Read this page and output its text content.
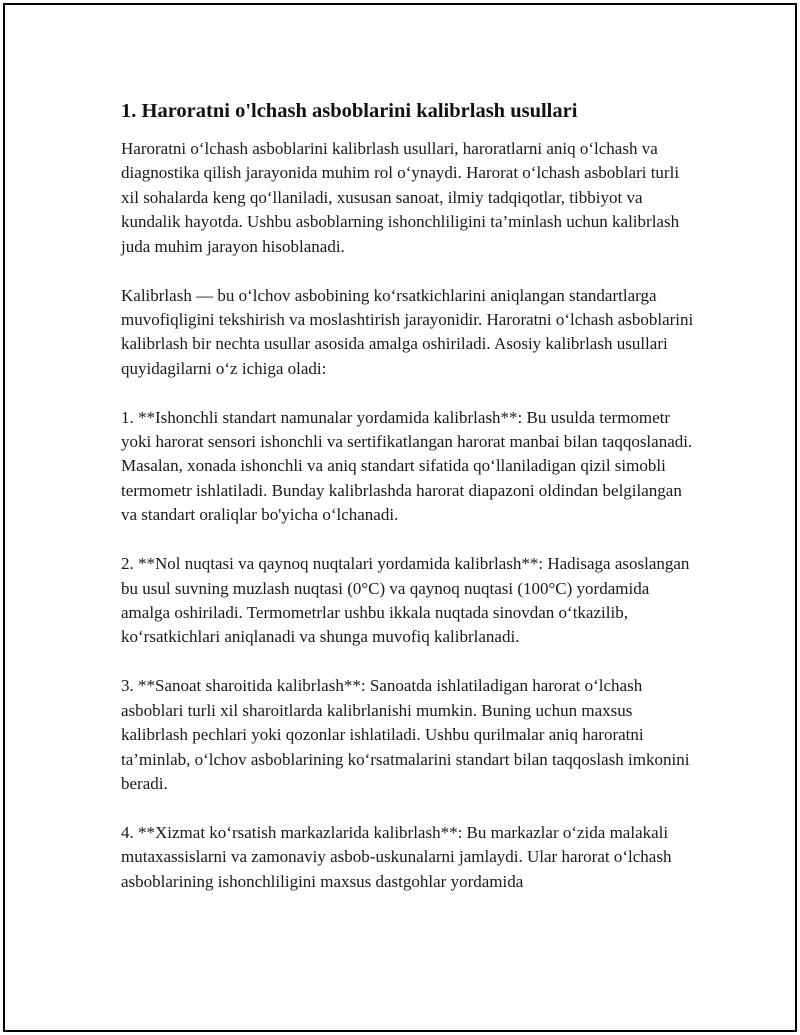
1. Haroratni o'lchash asboblarini kalibrlash usullari

Haroratni o‘lchash asboblarini kalibrlash usullari, haroratlarni aniq o‘lchash va diagnostika qilish jarayonida muhim rol o‘ynaydi. Harorat o‘lchash asboblari turli xil sohalarda keng qo‘llaniladi, xususan sanoat, ilmiy tadqiqotlar, tibbiyot va kundalik hayotda. Ushbu asboblarning ishonchliligini ta’minlash uchun kalibrlash juda muhim jarayon hisoblanadi.

Kalibrlash — bu o‘lchov asbobining ko‘rsatkichlarini aniqlangan standartlarga muvofiqligini tekshirish va moslashtirish jarayonidir. Haroratni o‘lchash asboblarini kalibrlash bir nechta usullar asosida amalga oshiriladi. Asosiy kalibrlash usullari quyidagilarni o‘z ichiga oladi:

1. **Ishonchli standart namunalar yordamida kalibrlash**: Bu usulda termometr yoki harorat sensori ishonchli va sertifikatlangan harorat manbai bilan taqqoslanadi. Masalan, xonada ishonchli va aniq standart sifatida qo‘llaniladigan qizil simobli termometr ishlatiladi. Bunday kalibrlashda harorat diapazoni oldindan belgilangan va standart oraliqlar bo'yicha o‘lchanadi.

2. **Nol nuqtasi va qaynoq nuqtalari yordamida kalibrlash**: Hadisaga asoslangan bu usul suvning muzlash nuqtasi (0°C) va qaynoq nuqtasi (100°C) yordamida amalga oshiriladi. Termometrlar ushbu ikkala nuqtada sinovdan o‘tkazilib, ko‘rsatkichlari aniqlanadi va shunga muvofiq kalibrlanadi.

3. **Sanoat sharoitida kalibrlash**: Sanoatda ishlatiladigan harorat o‘lchash asboblari turli xil sharoitlarda kalibrlanishi mumkin. Buning uchun maxsus kalibrlash pechlari yoki qozonlar ishlatiladi. Ushbu qurilmalar aniq haroratni ta’minlab, o‘lchov asboblarining ko‘rsatmalarini standart bilan taqqoslash imkonini beradi.

4. **Xizmat ko‘rsatish markazlarida kalibrlash**: Bu markazlar o‘zida malakali mutaxassislarni va zamonaviy asbob-uskunalarni jamlaydi. Ular harorat o‘lchash asboblarining ishonchliligini maxsus dastgohlar yordamida
